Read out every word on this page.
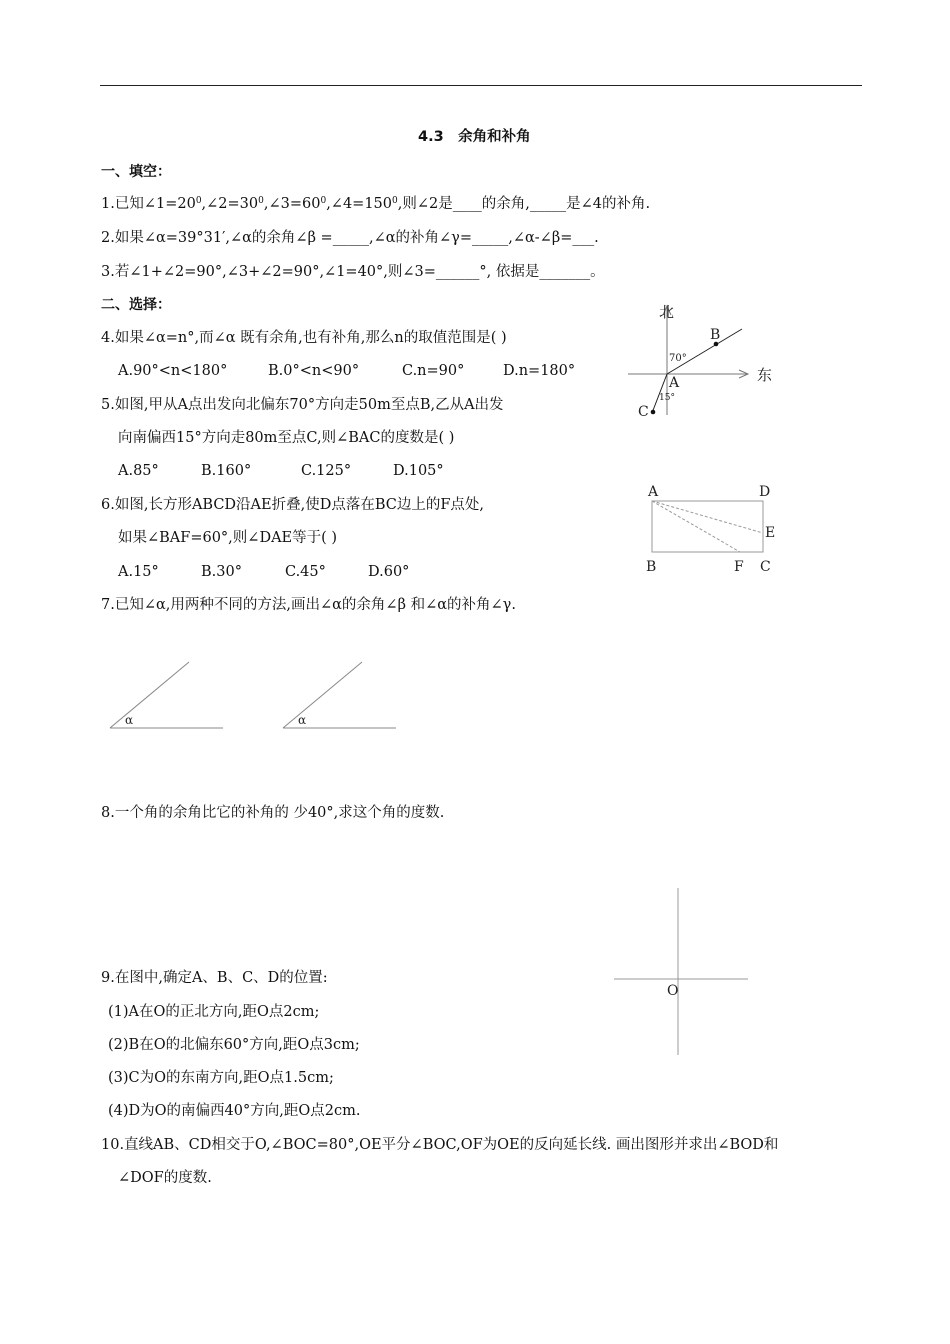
4.3　余角和补角
一、填空：
1.已知$\angle 1=20^0,\angle 2=30^0,\angle 3=60^0,\angle 4=150^0$,则∠2是____的余角,_____是∠4的补角.
2.如果∠α=39°31′,∠α的余角∠β =_____,∠α的补角∠γ=_____,∠α-∠β=___.
3.若∠1+∠2=90°,∠3+∠2=90°,∠1=40°,则∠3=______°, 依据是_______。
二、选择：
4.如果∠α=n°,而∠α 既有余角,也有补角,那么n的取值范围是( )
A.90°<n<180°	B.0°<n<90°	C.n=90°	D.n=180°
5.如图,甲从A点出发向北偏东70°方向走50m至点B,乙从A出发
向南偏西15°方向走80m至点C,则∠BAC的度数是( )
A.85°	B.160°	C.125°	D.105°
6.如图,长方形ABCD沿AE折叠,使D点落在BC边上的F点处,
如果∠BAF=60°,则∠DAE等于( )
A.15°	B.30°	C.45°	D.60°
7.已知∠α,用两种不同的方法,画出∠α的余角∠β 和∠α的补角∠γ.
8.一个角的余角比它的补角的 少40°,求这个角的度数.
9.在图中,确定A、B、C、D的位置:
(1)A在O的正北方向,距O点2cm;
(2)B在O的北偏东60°方向,距O点3cm;
(3)C为O的东南方向,距O点1.5cm;
(4)D为O的南偏西40°方向,距O点2cm.
10.直线AB、CD相交于O,∠BOC=80°,OE平分∠BOC,OF为OE的反向延长线. 画出图形并求出∠BOD和
∠DOF的度数.
北
东
B
70°
A
15°
C
A	D
E
B	F C
α	α
O
